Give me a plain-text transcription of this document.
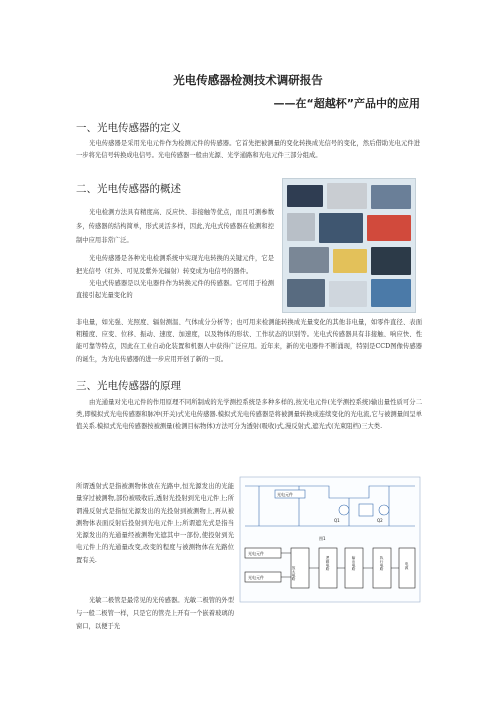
光电传感器检测技术调研报告
——在“超越杯”产品中的应用
一、光电传感器的定义

光电传感器是采用光电元件作为检测元件的传感器。它首先把被测量的变化转换成光信号的变化，然后借助光电元件进一步将光信号转换成电信号。光电传感器一般由光源、光学通路和光电元件三部分组成。

二、光电传感器的概述

光电检测方法具有精度高、反应快、非接触等优点，而且可测参数多，传感器的结构简单，形式灵活多样，因此,光电式传感器在检测和控制中应用非常广泛。

光电传感器是各种光电检测系统中实现光电转换的关键元件，它是把光信号（红外、可见及紫外光辐射）转变成为电信号的器件。

光电式传感器是以光电器件作为转换元件的传感器。它可用于检测直接引起光量变化的

非电量，如光强、光照度、辐射测温、气体成分分析等；也可用来检测能转换成光量变化的其他非电量，如零件直径、表面粗糙度、应变、位移、振动、速度、加速度，以及物体的形状、工作状态的识别等。光电式传感器具有非接触、响应快、性能可靠等特点，因此在工业自动化装置和机器人中获得广泛应用。近年来，新的光电器件不断涌现，特别是CCD图像传感器的诞生，为光电传感器的进一步应用开创了新的一页。

三、光电传感器的原理

由光通量对光电元件的作用原理不同所制成的光学测控系统是多种多样的,按光电元件(光学测控系统)输出量性质可分二类,即模拟式光电传感器和脉冲(开关)式光电传感器.模拟式光电传感器是将被测量转换成连续变化的光电流,它与被测量间呈单值关系.模拟式光电传感器按被测量(检测目标物体)方法可分为透射(吸收)式,漫反射式,遮光式(光束阻档)三大类.

所谓透射式是指被测物体放在光路中,恒光源发出的光能量穿过被测物,部份被吸收后,透射光投射到光电元件上;所谓漫反射式是指恒光源发出的光投射到被测物上,再从被测物体表面反射后投射到光电元件上;所谓遮光式是指当光源发出的光通量经被测物光遮其中一部份,使投射到光电元件上的光通量改变,改变的程度与被测物体在光路位置有关.

光敏二极管是最常见的光传感器。光敏二极管的外型与一般二极管一样，只是它的管壳上开有一个嵌着玻璃的窗口，以便于光

光电元件
Q1	Q2
图1
光电元件
光电元件	放大电路
逻辑电路	输出电路	执行电路	电源
